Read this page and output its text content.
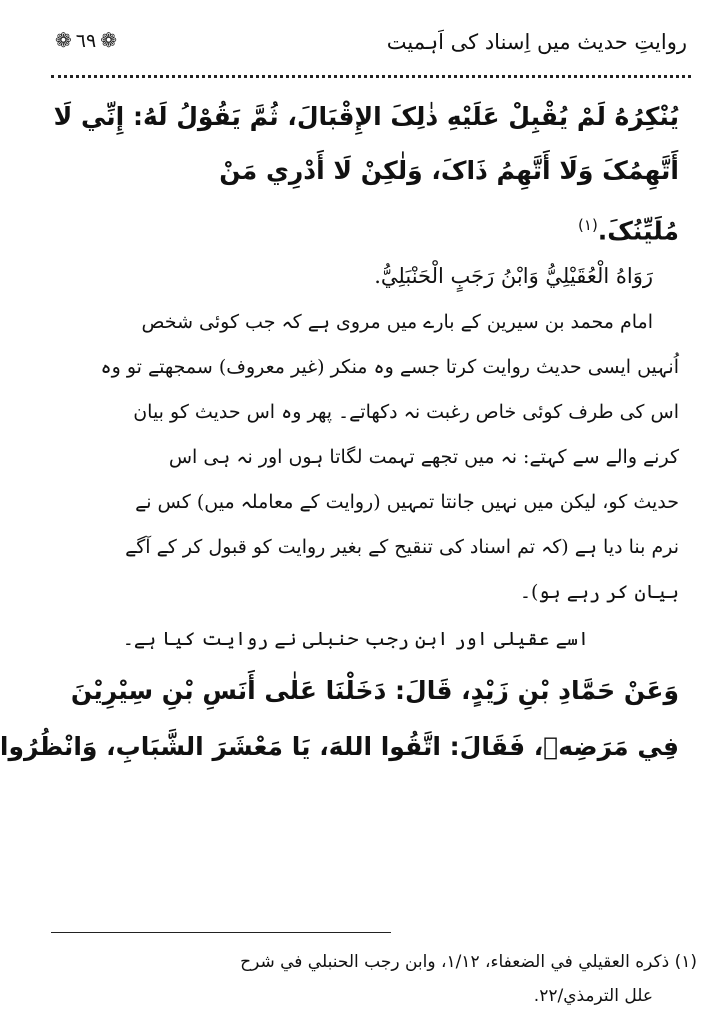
روایتِ حدیث میں اِسناد کی اَہمیت
❁ ٦٩ ❁
يُنْكِرُهُ لَمْ يُقْبِلْ عَلَيْهِ ذٰلِکَ الإِقْبَالَ، ثُمَّ يَقُوْلُ لَهُ: إِنِّي لَا
أَتَّهِمُکَ وَلَا أَتَّهِمُ ذَاکَ، وَلٰکِنْ لَا أَدْرِي مَنْ
مُلَيِّنُکَ.$^{(١)}$
رَوَاهُ الْعُقَيْلِيُّ وَابْنُ رَجَبٍ الْحَنْبَلِيُّ.
امام محمد بن سیرین کے بارے میں مروی ہے کہ جب کوئی شخص
اُنہیں ایسی حدیث روایت کرتا جسے وہ منکر (غیر معروف) سمجھتے تو وہ
اس کی طرف کوئی خاص رغبت نہ دکھاتے۔ پھر وہ اس حدیث کو بیان
کرنے والے سے کہتے: نہ میں تجھے تہمت لگاتا ہوں اور نہ ہی اس
حدیث کو، لیکن میں نہیں جانتا تمہیں (روایت کے معاملہ میں) کس نے
نرم بنا دیا ہے (کہ تم اسناد کی تنقیح کے بغیر روایت کو قبول کر کے آگے
بیان کر رہے ہو)۔
اسے عقیلی اور ابن رجب حنبلی نے روایت کیا ہے۔
وَعَنْ حَمَّادِ بْنِ زَيْدٍ، قَالَ: دَخَلْنَا عَلٰی أَنَسِ بْنِ سِيْرِيْنَ
فِي مَرَضِهٖ، فَقَالَ: اتَّقُوا اللهَ، يَا مَعْشَرَ الشَّبَابِ، وَانْظُرُوا
(١) ذكره العقيلي في الضعفاء، ١/١٢، وابن رجب الحنبلي في شرح
علل الترمذي/٢٢.
